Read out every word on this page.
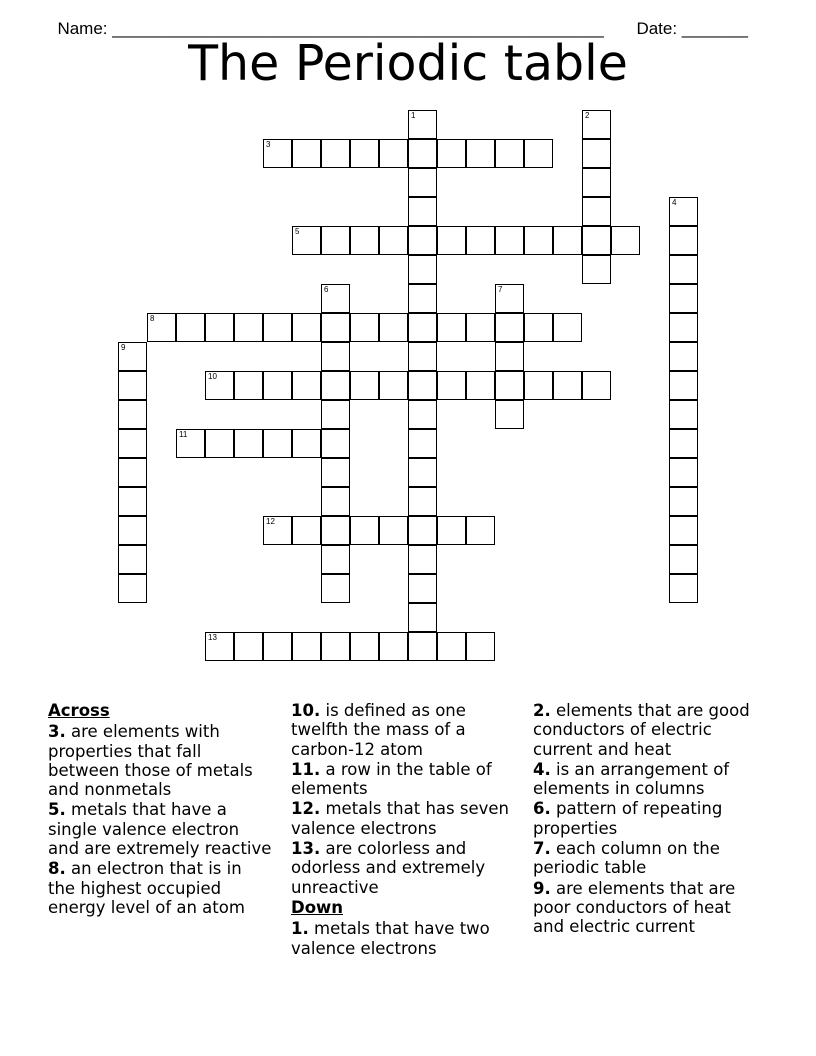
Name: ____________________________________________________	Date: _______

The Periodic table
1	2
3
4
5
6	7
8
9
10
11
12
13
Across
3. are elements with properties that fall between those of metals and nonmetals
5. metals that have a single valence electron and are extremely reactive
8. an electron that is in the highest occupied energy level of an atom
10. is defined as one twelfth the mass of a carbon-12 atom
11. a row in the table of elements
12. metals that has seven valence electrons
13. are colorless and odorless and extremely unreactive
Down
1. metals that have two valence electrons
2. elements that are good conductors of electric current and heat
4. is an arrangement of elements in columns
6. pattern of repeating properties
7. each column on the periodic table
9. are elements that are poor conductors of heat and electric current
